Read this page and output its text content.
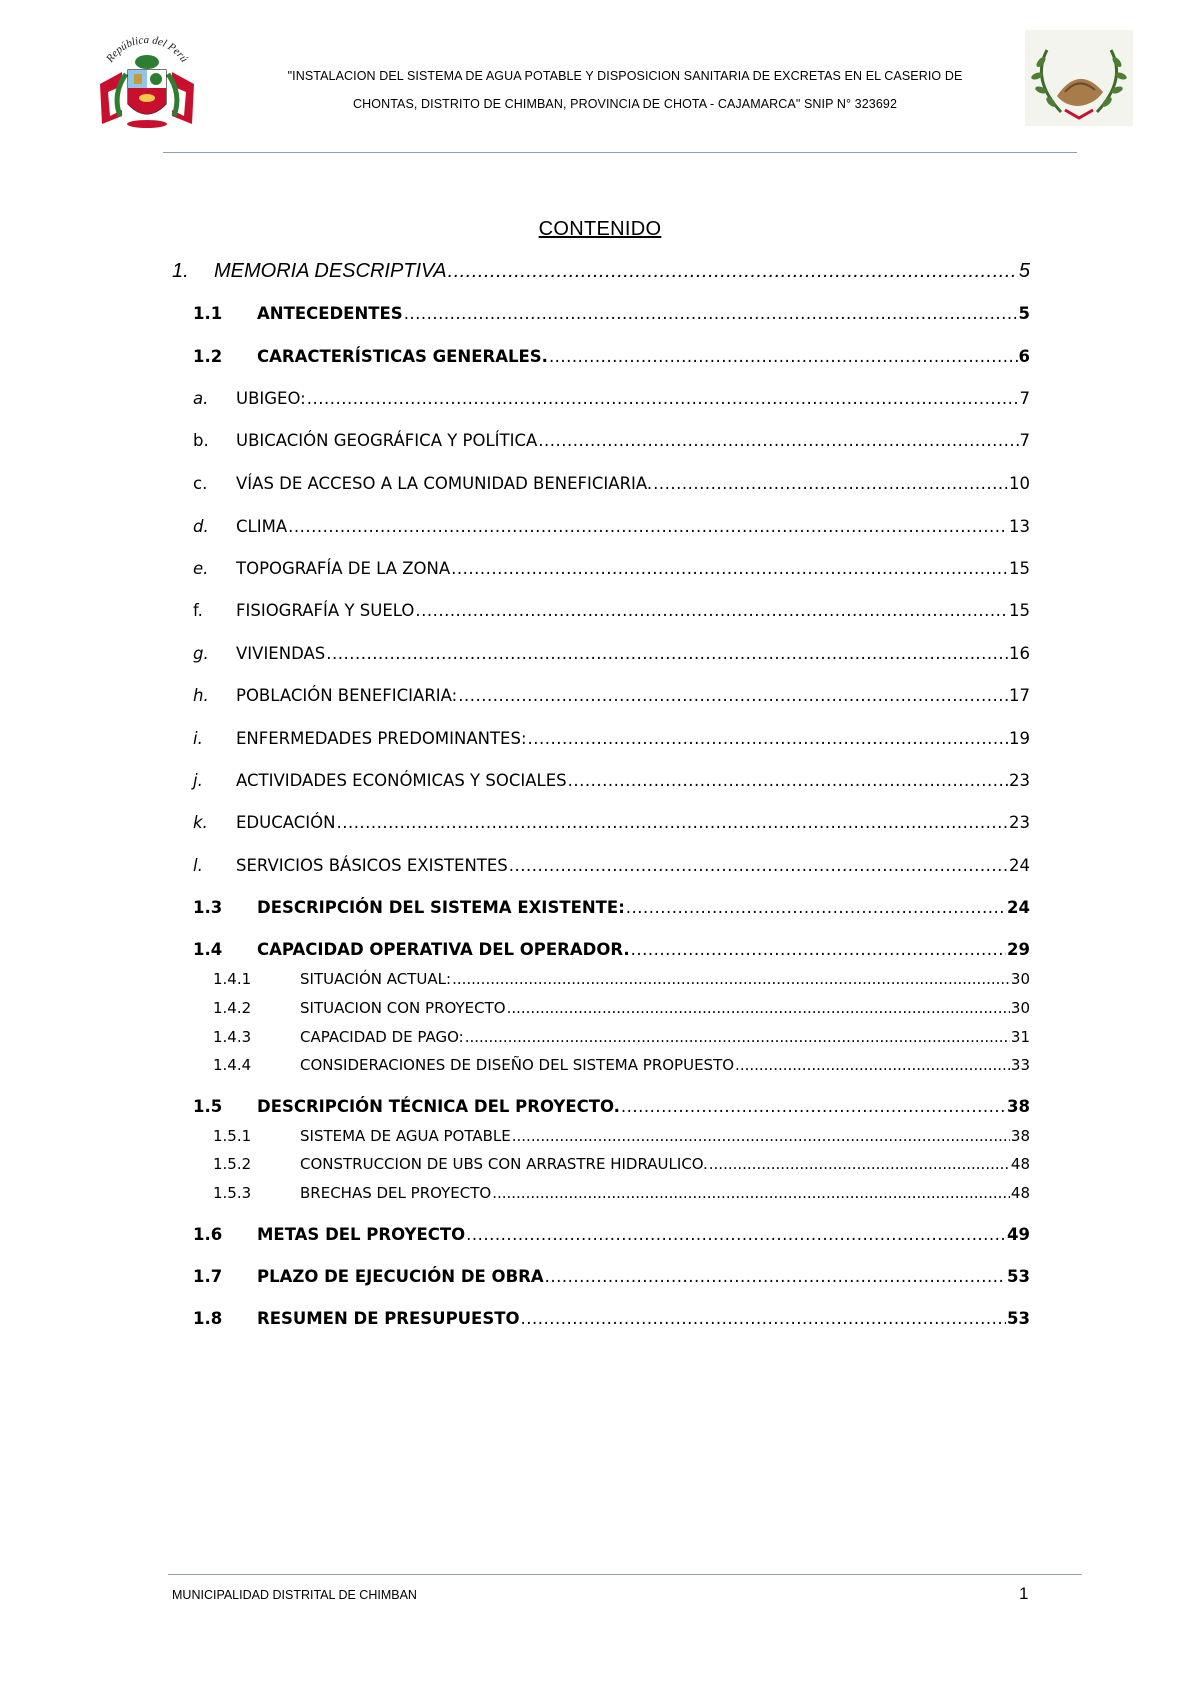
República del Perú
"INSTALACION DEL SISTEMA DE AGUA POTABLE Y DISPOSICION SANITARIA DE EXCRETAS EN EL CASERIO DE
CHONTAS, DISTRITO DE CHIMBAN, PROVINCIA DE CHOTA - CAJAMARCA" SNIP N° 323692
CONTENIDO
1.	MEMORIA DESCRIPTIVA .....	5
1.1	ANTECEDENTES .....	5
1.2	CARACTERÍSTICAS GENERALES. .....	6
a.	UBIGEO: .....	7
b.	UBICACIÓN GEOGRÁFICA Y POLÍTICA .....	7
c.	VÍAS DE ACCESO A LA COMUNIDAD BENEFICIARIA. .....	10
d.	CLIMA .....	13
e.	TOPOGRAFÍA DE LA ZONA .....	15
f.	FISIOGRAFÍA Y SUELO .....	15
g.	VIVIENDAS .....	16
h.	POBLACIÓN BENEFICIARIA: .....	17
i.	ENFERMEDADES PREDOMINANTES: .....	19
j.	ACTIVIDADES ECONÓMICAS Y SOCIALES .....	23
k.	EDUCACIÓN .....	23
l.	SERVICIOS BÁSICOS EXISTENTES .....	24
1.3	DESCRIPCIÓN DEL SISTEMA EXISTENTE: .....	24
1.4	CAPACIDAD OPERATIVA DEL OPERADOR. .....	29
1.4.1	SITUACIÓN ACTUAL: .....	30
1.4.2	SITUACION CON PROYECTO .....	30
1.4.3	CAPACIDAD DE PAGO: .....	31
1.4.4	CONSIDERACIONES DE DISEÑO DEL SISTEMA PROPUESTO .....	33
1.5	DESCRIPCIÓN TÉCNICA DEL PROYECTO. .....	38
1.5.1	SISTEMA DE AGUA POTABLE .....	38
1.5.2	CONSTRUCCION DE UBS CON ARRASTRE HIDRAULICO. .....	48
1.5.3	BRECHAS DEL PROYECTO .....	48
1.6	METAS DEL PROYECTO .....	49
1.7	PLAZO DE EJECUCIÓN DE OBRA .....	53
1.8	RESUMEN DE PRESUPUESTO .....	53
MUNICIPALIDAD DISTRITAL DE CHIMBAN	1
